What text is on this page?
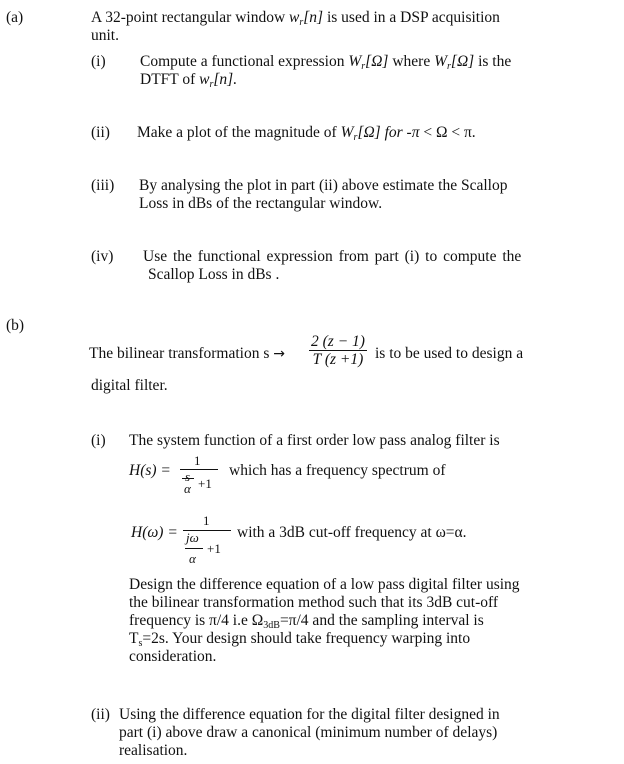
(a)	A 32-point rectangular window $w_r[n]$ is used in a DSP acquisition
unit.
(i) Compute a functional expression $W_r[\Omega]$ where $W_r[\Omega]$ is the
DTFT of $w_r[n]$.
(ii) Make a plot of the magnitude of $W_r[\Omega]$ for -π < Ω < π.
(iii) By analysing the plot in part (ii) above estimate the Scallop
Loss in dBs of the rectangular window.
(iv) Use the functional expression from part (i) to compute the
Scallop Loss in dBs .
(b)
The bilinear transformation $s \to \frac{2 (z - 1)}{T (z +1)}$ is to be used to design a
digital filter.
(i) The system function of a first order low pass analog filter is
H(s) =
1
s +1
α
which has a frequency spectrum of
H(ω) =
1
jω
+1
α
with a 3dB cut-off frequency at ω=α.
Design the difference equation of a low pass digital filter using
the bilinear transformation method such that its 3dB cut-off
frequency is π/4 i.e Ω3dB=π/4 and the sampling interval is
Ts=2s. Your design should take frequency warping into
consideration.
(ii) Using the difference equation for the digital filter designed in
part (i) above draw a canonical (minimum number of delays)
realisation.
